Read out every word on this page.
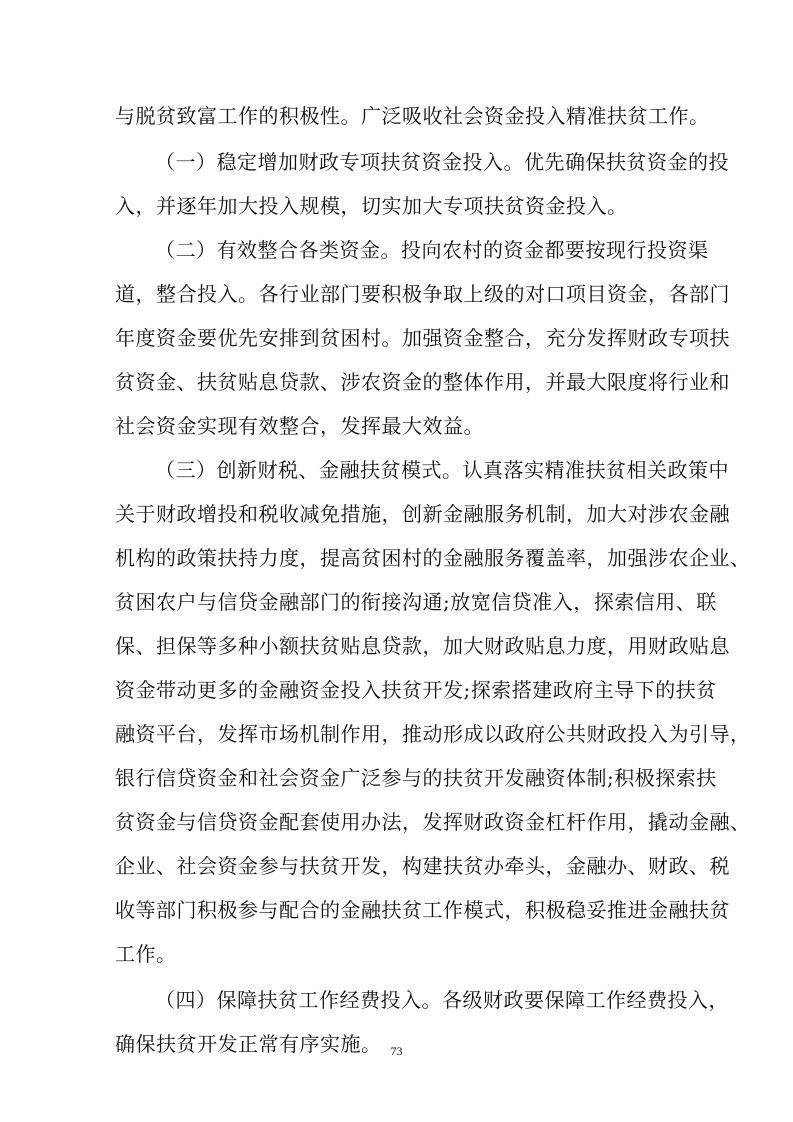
与脱贫致富工作的积极性。广泛吸收社会资金投入精准扶贫工作。
（一）稳定增加财政专项扶贫资金投入。优先确保扶贫资金的投
入，并逐年加大投入规模，切实加大专项扶贫资金投入。
（二）有效整合各类资金。投向农村的资金都要按现行投资渠
道，整合投入。各行业部门要积极争取上级的对口项目资金，各部门
年度资金要优先安排到贫困村。加强资金整合，充分发挥财政专项扶
贫资金、扶贫贴息贷款、涉农资金的整体作用，并最大限度将行业和
社会资金实现有效整合，发挥最大效益。
（三）创新财税、金融扶贫模式。认真落实精准扶贫相关政策中
关于财政增投和税收减免措施，创新金融服务机制，加大对涉农金融
机构的政策扶持力度，提高贫困村的金融服务覆盖率，加强涉农企业、
贫困农户与信贷金融部门的衔接沟通;放宽信贷准入，探索信用、联
保、担保等多种小额扶贫贴息贷款，加大财政贴息力度，用财政贴息
资金带动更多的金融资金投入扶贫开发;探索搭建政府主导下的扶贫
融资平台，发挥市场机制作用，推动形成以政府公共财政投入为引导，
银行信贷资金和社会资金广泛参与的扶贫开发融资体制;积极探索扶
贫资金与信贷资金配套使用办法，发挥财政资金杠杆作用，撬动金融、
企业、社会资金参与扶贫开发，构建扶贫办牵头，金融办、财政、税
收等部门积极参与配合的金融扶贫工作模式，积极稳妥推进金融扶贫
工作。
（四）保障扶贫工作经费投入。各级财政要保障工作经费投入，
确保扶贫开发正常有序实施。 73
